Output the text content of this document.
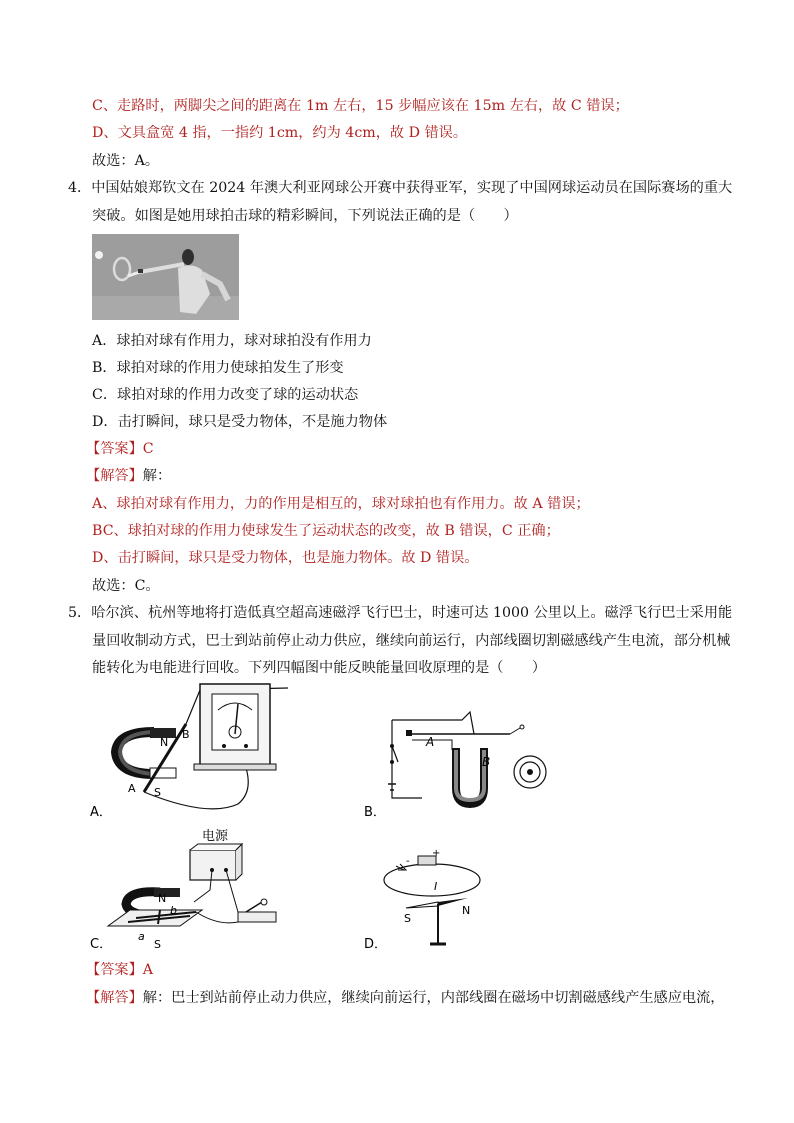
C、走路时，两脚尖之间的距离在 1m 左右，15 步幅应该在 15m 左右，故 C 错误；
D、文具盒宽 4 指，一指约 1cm，约为 4cm，故 D 错误。
故选：A。
4．中国姑娘郑钦文在 2024 年澳大利亚网球公开赛中获得亚军，实现了中国网球运动员在国际赛场的重大
突破。如图是她用球拍击球的精彩瞬间，下列说法正确的是（　　）
A．球拍对球有作用力，球对球拍没有作用力
B．球拍对球的作用力使球拍发生了形变
C．球拍对球的作用力改变了球的运动状态
D．击打瞬间，球只是受力物体，不是施力物体
【答案】C
【解答】解：
A、球拍对球有作用力，力的作用是相互的，球对球拍也有作用力。故 A 错误；
BC、球拍对球的作用力使球发生了运动状态的改变，故 B 错误，C 正确；
D、击打瞬间，球只是受力物体，也是施力物体。故 D 错误。
故选：C。
5．哈尔滨、杭州等地将打造低真空超高速磁浮飞行巴士，时速可达 1000 公里以上。磁浮飞行巴士采用能
量回收制动方式，巴士到站前停止动力供应，继续向前运行，内部线圈切割磁感线产生电流，部分机械
能转化为电能进行回收。下列四幅图中能反映能量回收原理的是（　　）
N
B
A S
A．
A
B
B．
电源
N
b
a
S
C．
+
-
I
S
N
D．
【答案】A
【解答】解：巴士到站前停止动力供应，继续向前运行，内部线圈在磁场中切割磁感线产生感应电流，
